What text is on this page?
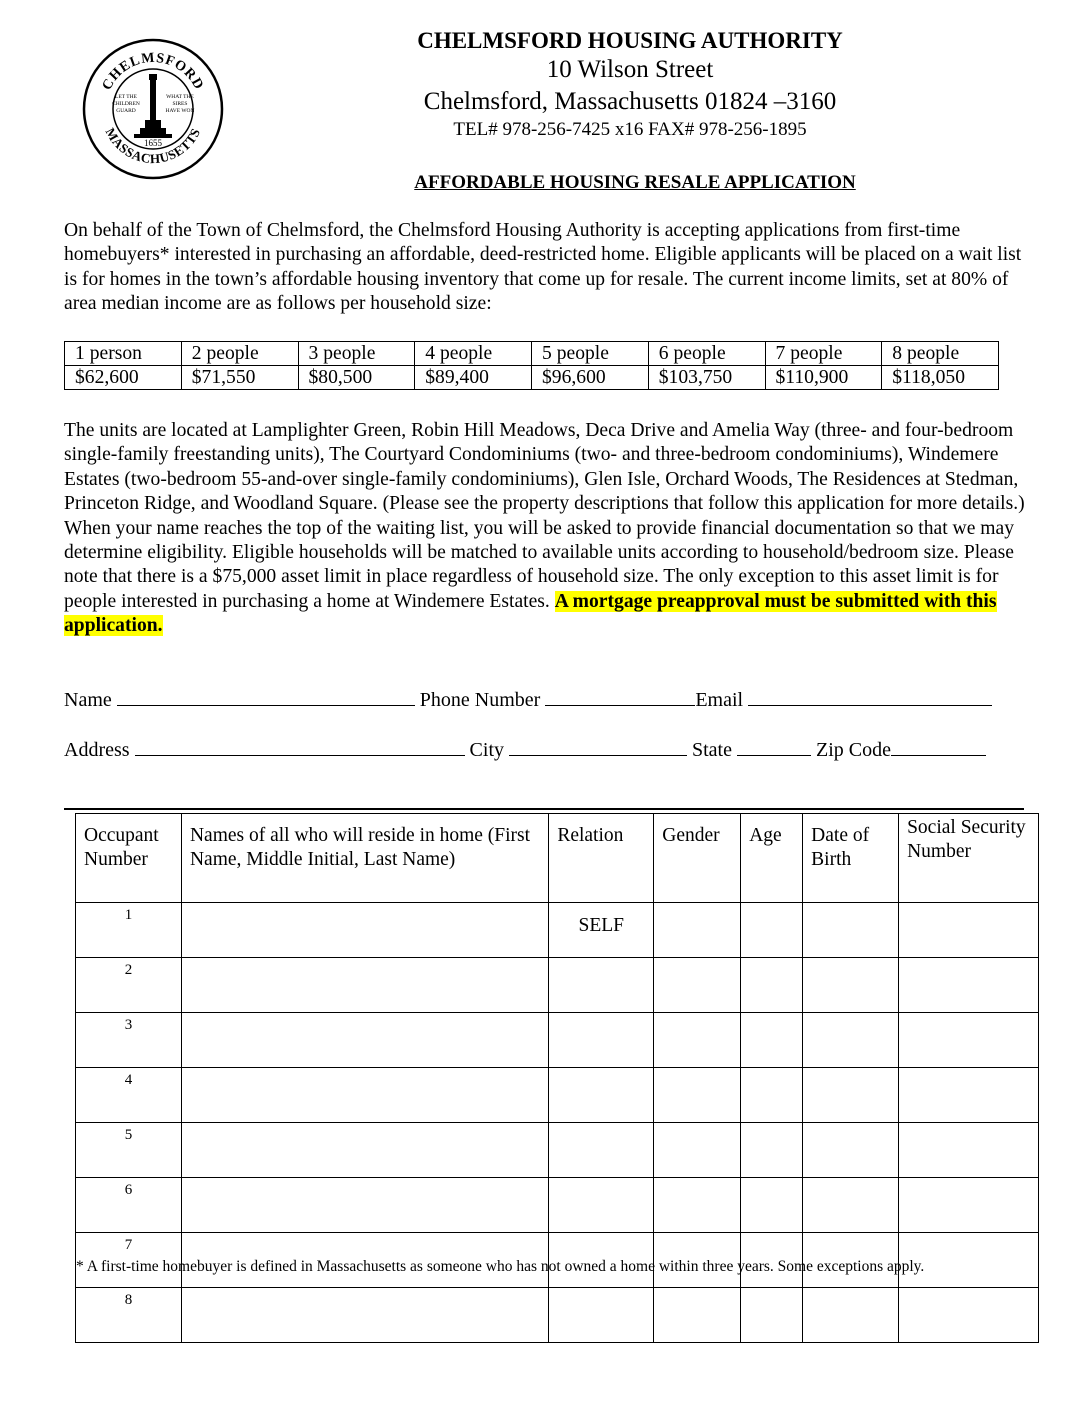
CHELMSFORD
MASSACHUSETTS
LET THE
CHILDREN
GUARD
WHAT THE
SIRES
HAVE WON
1655
CHELMSFORD HOUSING AUTHORITY
10 Wilson Street
Chelmsford, Massachusetts 01824 –3160
TEL# 978-256-7425 x16 FAX# 978-256-1895
AFFORDABLE HOUSING RESALE APPLICATION
On behalf of the Town of Chelmsford, the Chelmsford Housing Authority is accepting applications from first-time homebuyers* interested in purchasing an affordable, deed-restricted home. Eligible applicants will be placed on a wait list is for homes in the town’s affordable housing inventory that come up for resale. The current income limits, set at 80% of area median income are as follows per household size:
1 person	2 people	3 people	4 people	5 people	6 people	7 people	8 people
$62,600	$71,550	$80,500	$89,400	$96,600	$103,750	$110,900	$118,050
The units are located at Lamplighter Green, Robin Hill Meadows, Deca Drive and Amelia Way (three- and four-bedroom single-family freestanding units), The Courtyard Condominiums (two- and three-bedroom condominiums), Windemere Estates (two-bedroom 55-and-over single-family condominiums), Glen Isle, Orchard Woods, The Residences at Stedman, Princeton Ridge, and Woodland Square. (Please see the property descriptions that follow this application for more details.) When your name reaches the top of the waiting list, you will be asked to provide financial documentation so that we may determine eligibility. Eligible households will be matched to available units according to household/bedroom size. Please note that there is a $75,000 asset limit in place regardless of household size. The only exception to this asset limit is for people interested in purchasing a home at Windemere Estates. A mortgage preapproval must be submitted with this application.
Name	Phone Number	Email
Address	City	State	Zip Code
Occupant Number	Names of all who will reside in home (First Name, Middle Initial, Last Name)	Relation	Gender	Age	Date of Birth	Social Security Number
1		SELF				
2						
3						
4						
5						
6						
7						
8						
* A first-time homebuyer is defined in Massachusetts as someone who has not owned a home within three years. Some exceptions apply.
